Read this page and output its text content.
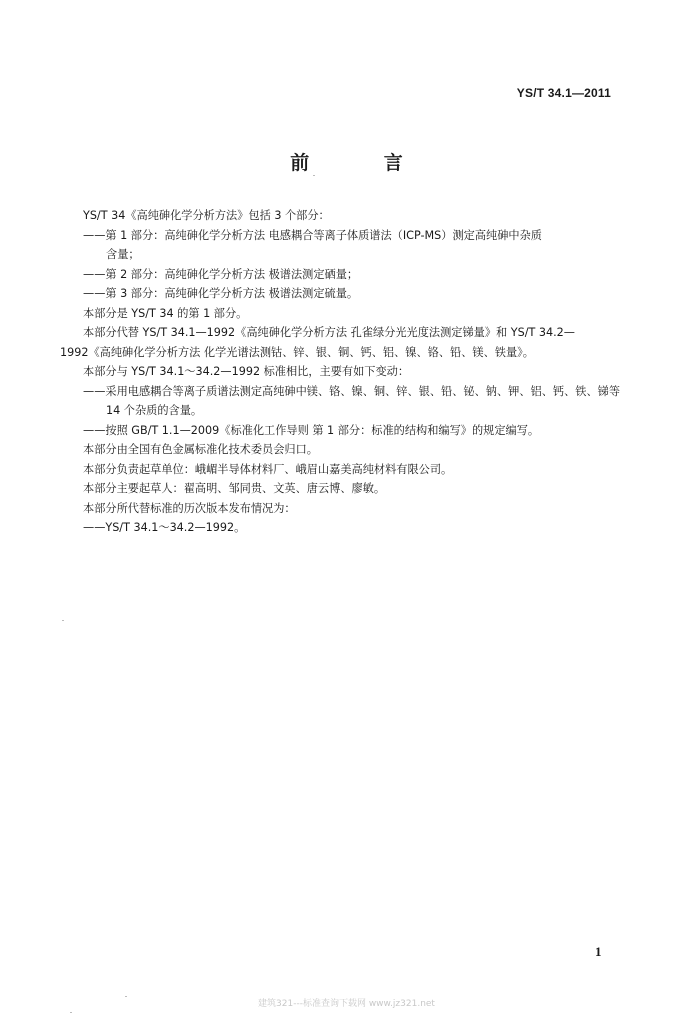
YS/T 34.1—2011
前 言

YS/T 34《高纯砷化学分析方法》包括 3 个部分：

——第 1 部分：高纯砷化学分析方法 电感耦合等离子体质谱法（ICP-MS）测定高纯砷中杂质

含量；

——第 2 部分：高纯砷化学分析方法 极谱法测定硒量；

——第 3 部分：高纯砷化学分析方法 极谱法测定硫量。

本部分是 YS/T 34 的第 1 部分。

本部分代替 YS/T 34.1—1992《高纯砷化学分析方法 孔雀绿分光光度法测定锑量》和 YS/T 34.2—

1992《高纯砷化学分析方法 化学光谱法测钴、锌、银、铜、钙、铝、镍、铬、铅、镁、铁量》。

本部分与 YS/T 34.1～34.2—1992 标准相比，主要有如下变动：

——采用电感耦合等离子质谱法测定高纯砷中镁、铬、镍、铜、锌、银、铅、铋、钠、钾、铝、钙、铁、锑等

14 个杂质的含量。

——按照 GB/T 1.1—2009《标准化工作导则 第 1 部分：标准的结构和编写》的规定编写。

本部分由全国有色金属标准化技术委员会归口。

本部分负责起草单位：峨嵋半导体材料厂、峨眉山嘉美高纯材料有限公司。

本部分主要起草人：翟高明、邹同贵、文英、唐云博、廖敏。

本部分所代替标准的历次版本发布情况为：

——YS/T 34.1～34.2—1992。

1
建筑321---标准查询下载网 www.jz321.net
